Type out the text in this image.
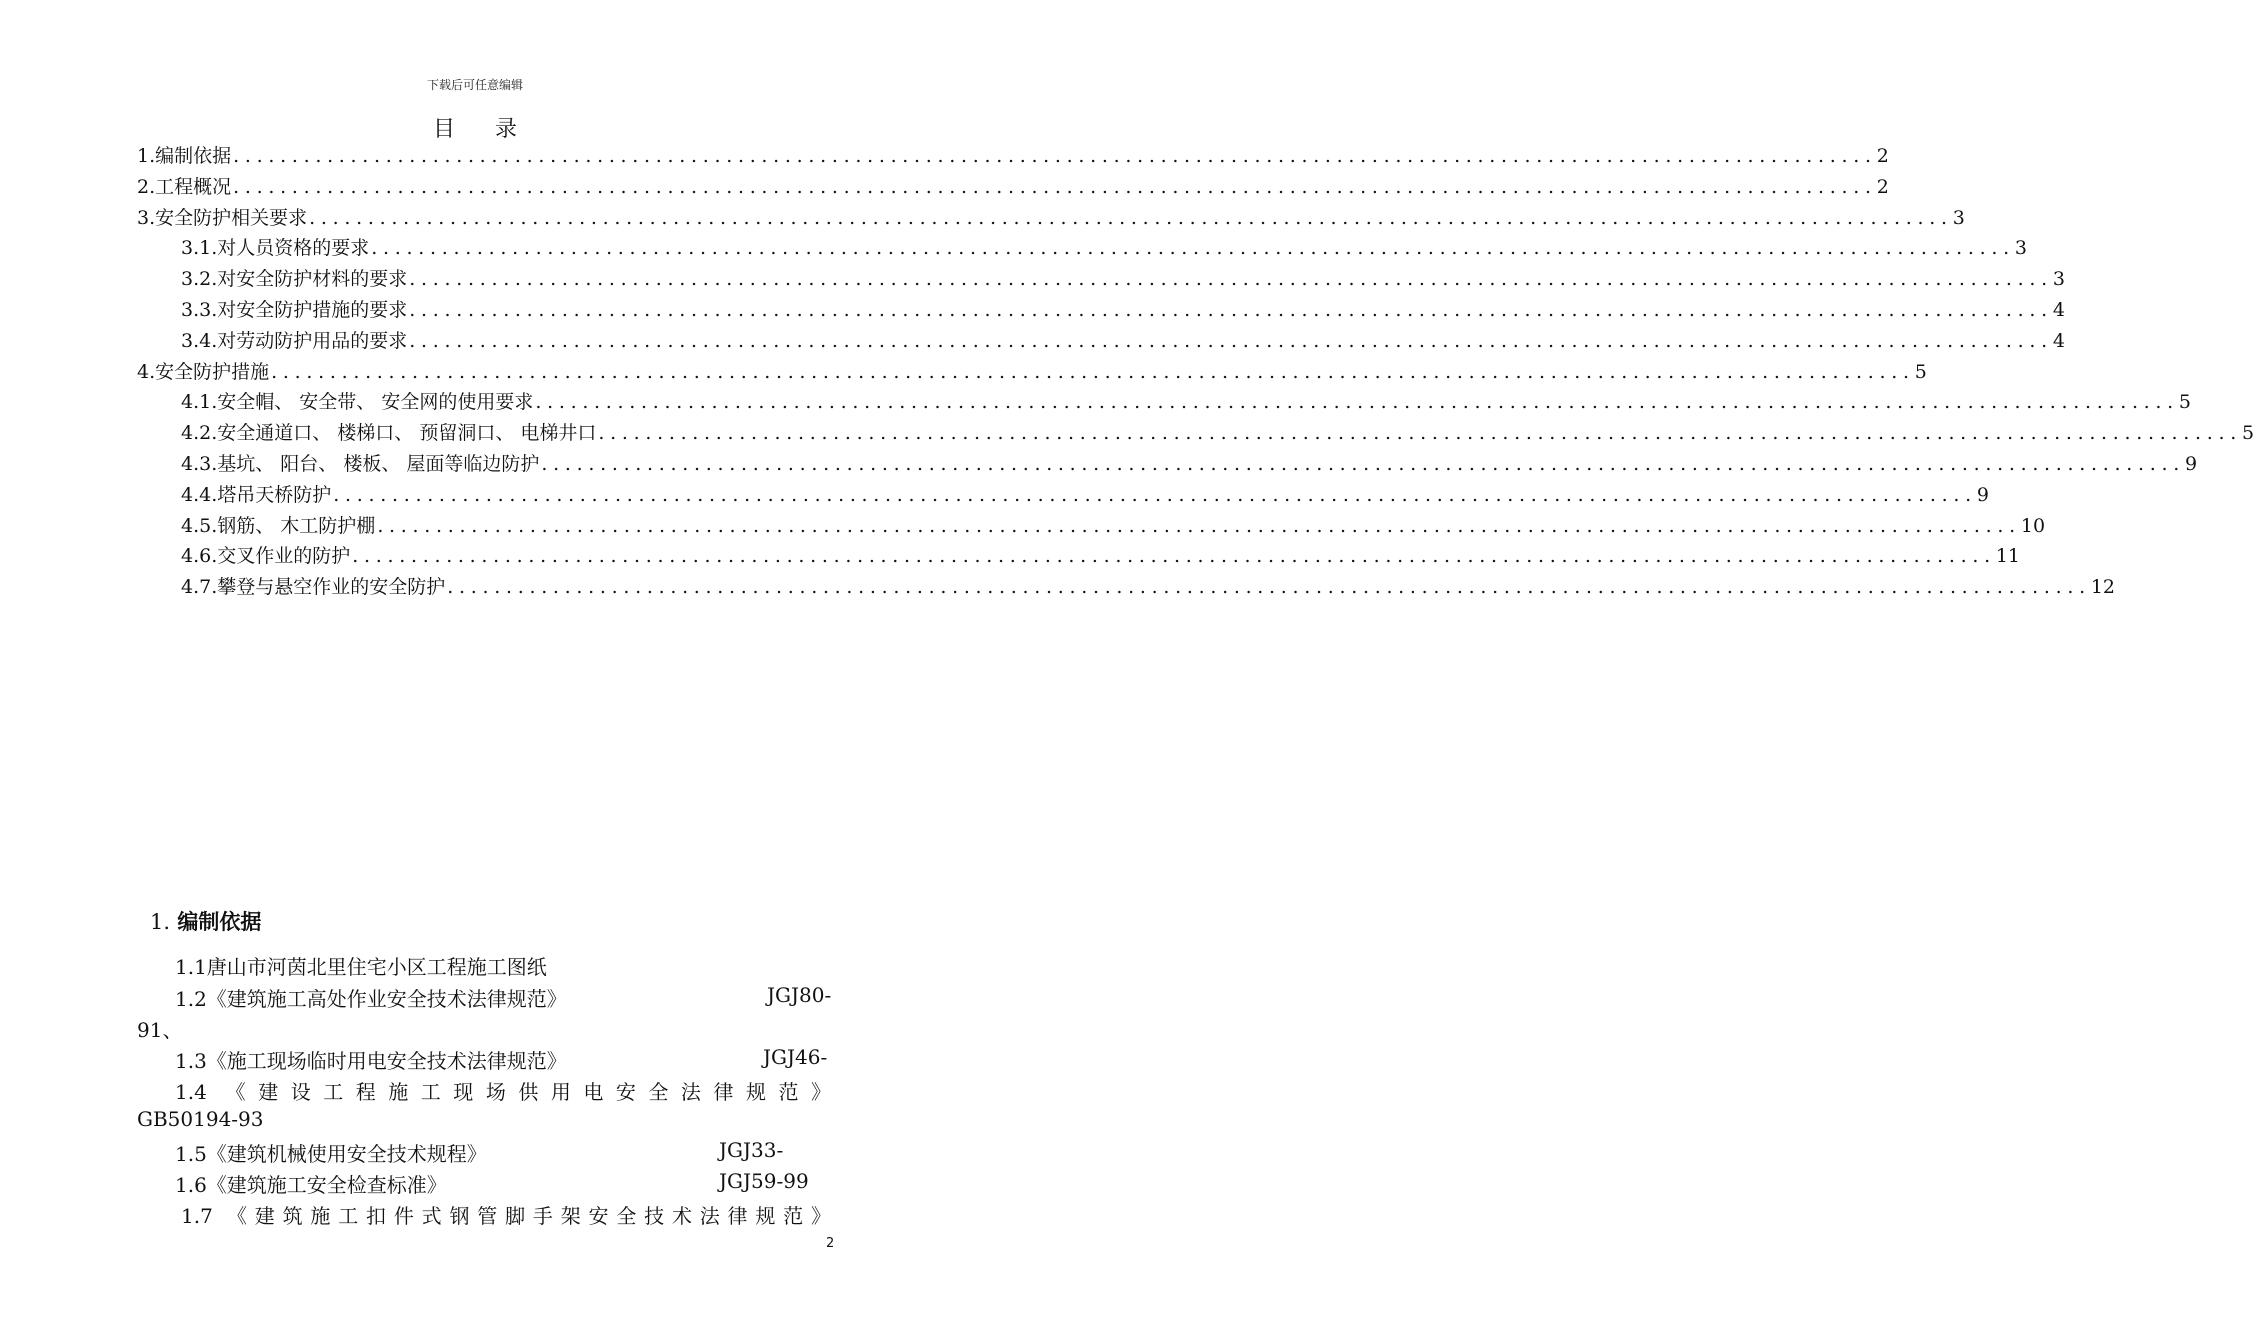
下载后可任意编辑
目录
1. 编制依据 ............................................................................................................................................ 2
2. 工程概况 ............................................................................................................................................ 2
3. 安全防护相关要求 ............................................................................................................................................ 3
3.1. 对人员资格的要求 ............................................................................................................................................ 3
3.2. 对安全防护材料的要求 ............................................................................................................................................ 3
3.3. 对安全防护措施的要求 ............................................................................................................................................ 4
3.4. 对劳动防护用品的要求 ............................................................................................................................................ 4
4. 安全防护措施 ............................................................................................................................................ 5
4.1. 安全帽、 安全带、 安全网的使用要求 ............................................................................................................................................ 5
4.2. 安全通道口、 楼梯口、 预留洞口、 电梯井口 ............................................................................................................................................ 5
4.3. 基坑、 阳台、 楼板、 屋面等临边防护 ............................................................................................................................................ 9
4.4. 塔吊天桥防护 ............................................................................................................................................ 9
4.5. 钢筋、 木工防护棚 ............................................................................................................................................ 10
4.6. 交叉作业的防护 ............................................................................................................................................ 11
4.7. 攀登与悬空作业的安全防护 ............................................................................................................................................ 12
1. 编制依据
1.1唐山市河茵北里住宅小区工程施工图纸
1.2《建筑施工高处作业安全技术法律规范》	JGJ80-
91、
1.3《施工现场临时用电安全技术法律规范》	JGJ46-
1.4 《建设工程施工现场供用电安全法律规范》
GB50194-93
1.5《建筑机械使用安全技术规程》	JGJ33-
1.6《建筑施工安全检查标准》	JGJ59-99
1.7 《建筑施工扣件式钢管脚手架安全技术法律规范》
2
